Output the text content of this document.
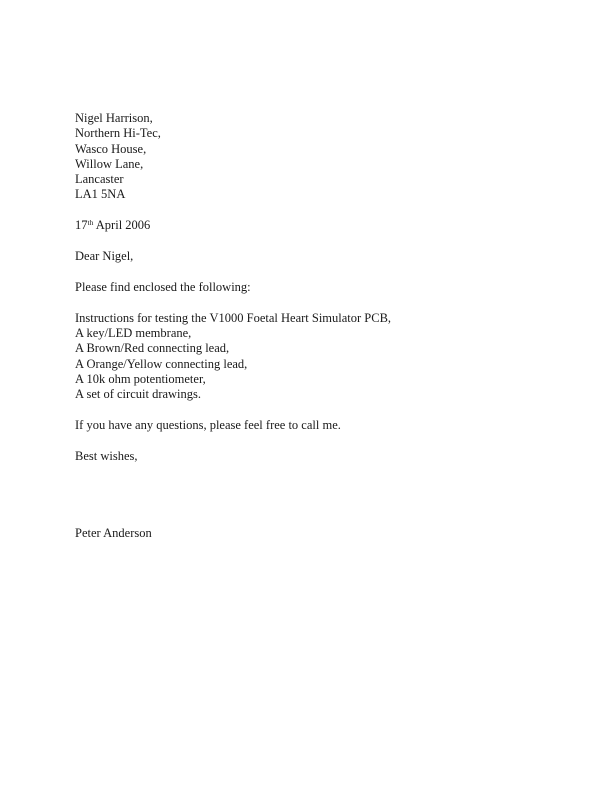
Nigel Harrison,
Northern Hi-Tec,
Wasco House,
Willow Lane,
Lancaster
LA1 5NA
17th April 2006
Dear Nigel,
Please find enclosed the following:
Instructions for testing the V1000 Foetal Heart Simulator PCB,
A key/LED membrane,
A Brown/Red connecting lead,
A Orange/Yellow connecting lead,
A 10k ohm potentiometer,
A set of circuit drawings.
If you have any questions, please feel free to call me.
Best wishes,
Peter Anderson
